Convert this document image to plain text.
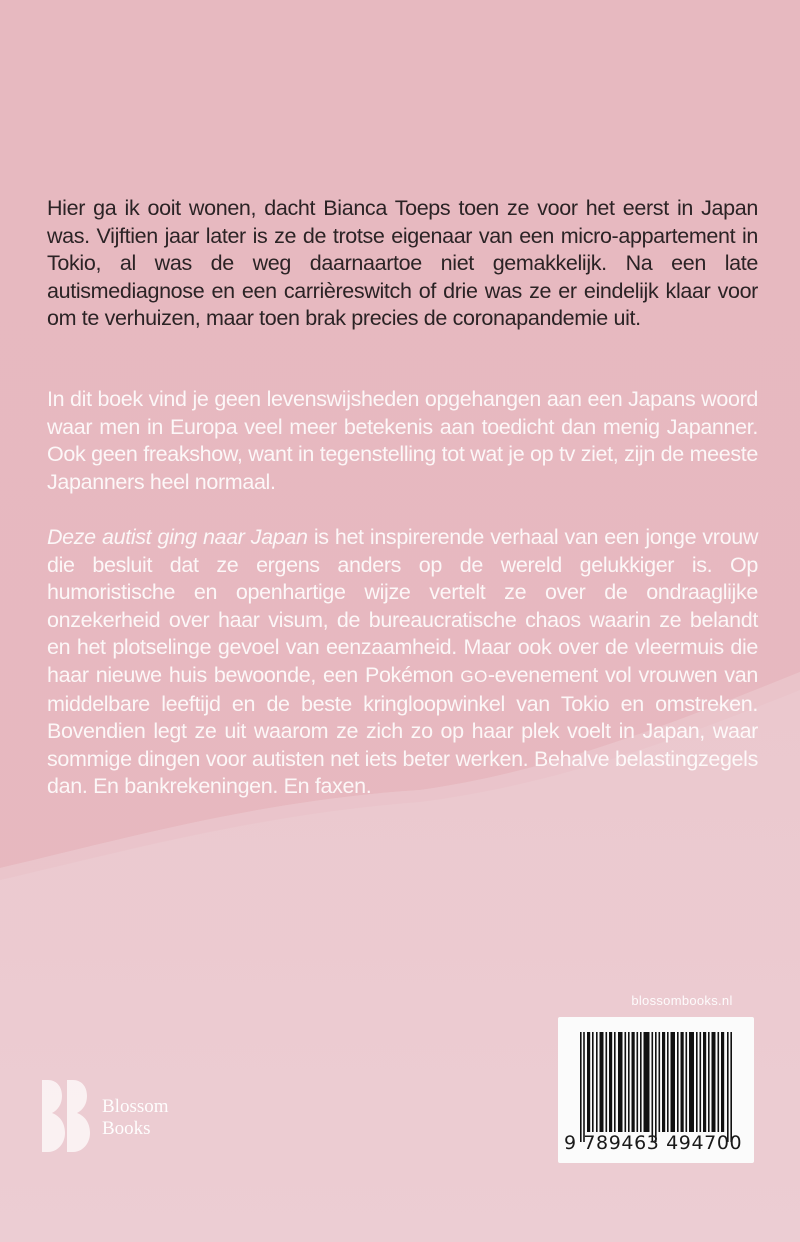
Hier ga ik ooit wonen, dacht Bianca Toeps toen ze voor het eerst in Japan was. Vijftien jaar later is ze de trotse eigenaar van een micro-appartement in Tokio, al was de weg daarnaartoe niet gemakkelijk. Na een late autismediagnose en een carrièreswitch of drie was ze er eindelijk klaar voor om te verhuizen, maar toen brak precies de coronapandemie uit.

In dit boek vind je geen levenswijsheden opgehangen aan een Japans woord waar men in Europa veel meer betekenis aan toedicht dan menig Japanner. Ook geen freakshow, want in tegenstelling tot wat je op tv ziet, zijn de meeste Japanners heel normaal.

Deze autist ging naar Japan is het inspirerende verhaal van een jonge vrouw die besluit dat ze ergens anders op de wereld gelukkiger is. Op humoristische en openhartige wijze vertelt ze over de ondraaglijke onzekerheid over haar visum, de bureaucratische chaos waarin ze belandt en het plotselinge gevoel van eenzaamheid. Maar ook over de vleermuis die haar nieuwe huis bewoonde, een Pokémon GO-evenement vol vrouwen van middelbare leeftijd en de beste kringloopwinkel van Tokio en omstreken. Bovendien legt ze uit waarom ze zich zo op haar plek voelt in Japan, waar sommige dingen voor autisten net iets beter werken. Behalve belastingzegels dan. En bankrekeningen. En faxen.

blossombooks.nl
9 789463 494700
Blossom
Books
